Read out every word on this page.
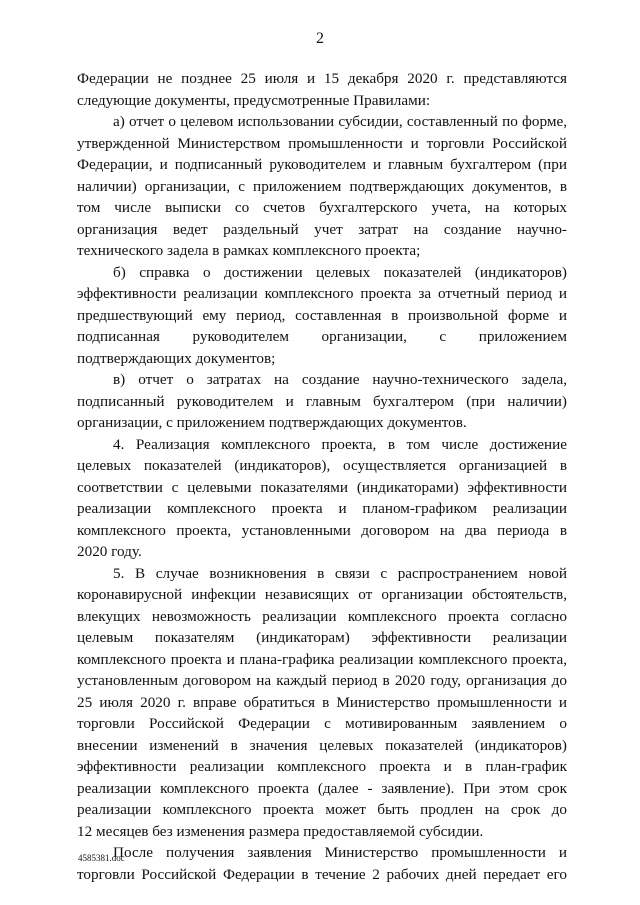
2
Федерации не позднее 25 июля и 15 декабря 2020 г. представляются
следующие документы, предусмотренные Правилами:
а) отчет о целевом использовании субсидии, составленный по форме,
утвержденной Министерством промышленности и торговли Российской
Федерации, и подписанный руководителем и главным бухгалтером (при
наличии) организации, с приложением подтверждающих документов, в
том числе выписки со счетов бухгалтерского учета, на которых
организация ведет раздельный учет затрат на создание научно-
технического задела в рамках комплексного проекта;
б) справка о достижении целевых показателей (индикаторов)
эффективности реализации комплексного проекта за отчетный период и
предшествующий ему период, составленная в произвольной форме и
подписанная руководителем организации, с приложением
подтверждающих документов;
в) отчет о затратах на создание научно-технического задела,
подписанный руководителем и главным бухгалтером (при наличии)
организации, с приложением подтверждающих документов.
4. Реализация комплексного проекта, в том числе достижение
целевых показателей (индикаторов), осуществляется организацией в
соответствии с целевыми показателями (индикаторами) эффективности
реализации комплексного проекта и планом-графиком реализации
комплексного проекта, установленными договором на два периода в
2020 году.
5. В случае возникновения в связи с распространением новой
коронавирусной инфекции независящих от организации обстоятельств,
влекущих невозможность реализации комплексного проекта согласно
целевым показателям (индикаторам) эффективности реализации
комплексного проекта и плана-графика реализации комплексного проекта,
установленным договором на каждый период в 2020 году, организация до
25 июля 2020 г. вправе обратиться в Министерство промышленности и
торговли Российской Федерации с мотивированным заявлением о
внесении изменений в значения целевых показателей (индикаторов)
эффективности реализации комплексного проекта и в план-график
реализации комплексного проекта (далее - заявление). При этом срок
реализации комплексного проекта может быть продлен на срок до
12 месяцев без изменения размера предоставляемой субсидии.
После получения заявления Министерство промышленности и
торговли Российской Федерации в течение 2 рабочих дней передает его
4585381.doc
